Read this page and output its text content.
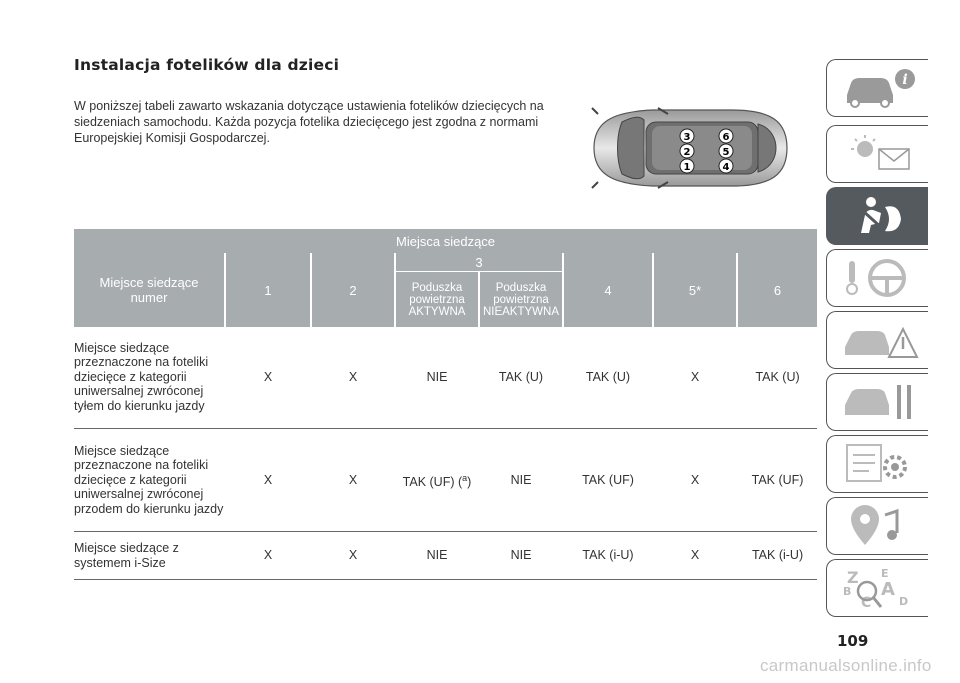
Instalacja fotelików dla dzieci
W poniższej tabeli zawarto wskazania dotyczące ustawienia fotelików dziecięcych na siedzeniach samochodu. Każda pozycja fotelika dziecięcego jest zgodna z normami Europejskiej Komisji Gospodarczej.	3	6
2	5
1	4
Miejsca siedzące														
Miejsce siedzące numer		1		2		3				4		5*		6
						Poduszka powietrzna AKTYWNA		Poduszka powietrzna NIEAKTYWNA						
Miejsce siedzące przeznaczone na foteliki dziecięce z kategorii uniwersalnej zwróconej tyłem do kierunku jazdy		X		X		NIE		TAK (U)		TAK (U)		X		TAK (U)
Miejsce siedzące przeznaczone na foteliki dziecięce z kategorii uniwersalnej zwróconej przodem do kierunku jazdy		X		X		TAK (UF) ($^a$)		NIE		TAK (UF)		X		TAK (UF)
Miejsce siedzące z systemem i-Size		X		X		NIE		NIE		TAK (i-U)		X		TAK (i-U)
i
Z E
B A
C	D
109
carmanualsonline.info
